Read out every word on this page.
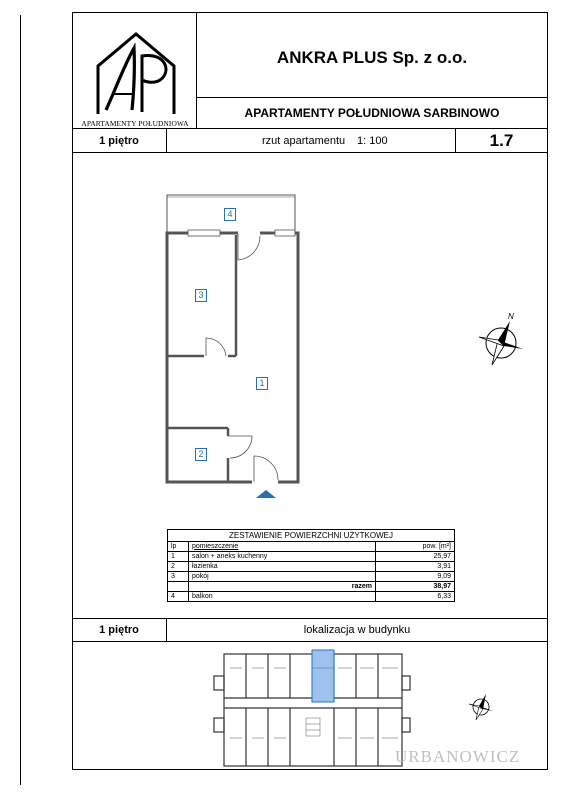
APARTAMENTY POŁUDNIOWA
ANKRA PLUS Sp. z o.o.
APARTAMENTY POŁUDNIOWA SARBINOWO
1 piętro	rzut apartamentu 1: 100	1.7
4
3
1
2
N
ZESTAWIENIE POWIERZCHNI UŻYTKOWEJ		
lp	pomieszczenie	pow. [m²]
1	salon + aneks kuchenny	25,97
2	łazienka	3,91
3	pokój	9,09
	razem	38,97
4	balkon	6,33
1 piętro	lokalizacja w budynku
URBANOWICZ
